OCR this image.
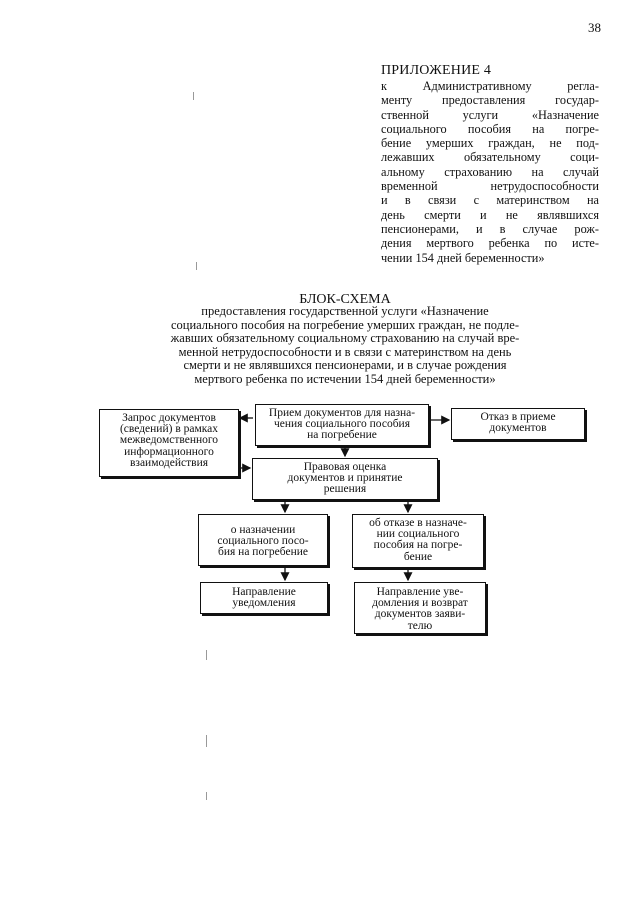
38
ПРИЛОЖЕНИЕ 4
к Административному регла-
менту предоставления государ-
ственной услуги «Назначение
социального пособия на погре-
бение умерших граждан, не под-
лежавших обязательному соци-
альному страхованию на случай
временной нетрудоспособности
и в связи с материнством на
день смерти и не являвшихся
пенсионерами, и в случае рож-
дения мертвого ребенка по исте-
чении 154 дней беременности»
БЛОК-СХЕМА
предоставления государственной услуги «Назначение
социального пособия на погребение умерших граждан, не подле-
жавших обязательному социальному страхованию на случай вре-
менной нетрудоспособности и в связи с материнством на день
смерти и не являвшихся пенсионерами, и в случае рождения
мертвого ребенка по истечении 154 дней беременности»
Прием документов для назна-
чения социального пособия
на погребение
Запрос документов
(сведений) в рамках
межведомственного
информационного
взаимодействия
Отказ в приеме
документов
Правовая оценка
документов и принятие
решения
о назначении
социального посо-
бия на погребение
об отказе в назначе-
нии социального
пособия на погре-
бение
Направление
уведомления
Направление уве-
домления и возврат
документов заяви-
телю
